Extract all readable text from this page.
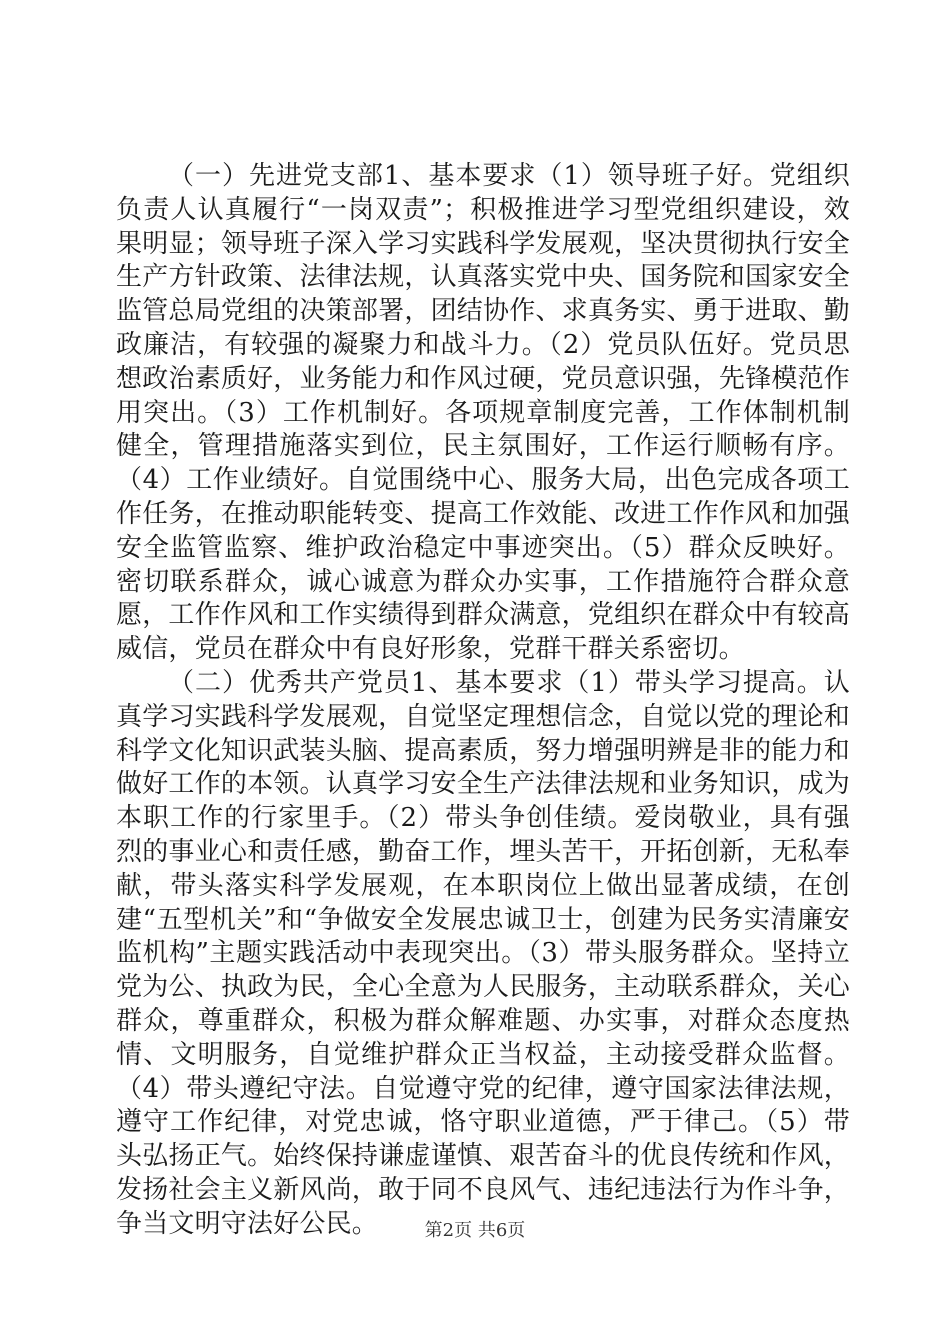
（一）先进党支部1、基本要求（1）领导班子好。党组织负责人认真履行“一岗双责”；积极推进学习型党组织建设，效果明显；领导班子深入学习实践科学发展观，坚决贯彻执行安全生产方针政策、法律法规，认真落实党中央、国务院和国家安全监管总局党组的决策部署，团结协作、求真务实、勇于进取、勤政廉洁，有较强的凝聚力和战斗力。（2）党员队伍好。党员思想政治素质好，业务能力和作风过硬，党员意识强，先锋模范作用突出。（3）工作机制好。各项规章制度完善，工作体制机制健全，管理措施落实到位，民主氛围好，工作运行顺畅有序。（4）工作业绩好。自觉围绕中心、服务大局，出色完成各项工作任务，在推动职能转变、提高工作效能、改进工作作风和加强安全监管监察、维护政治稳定中事迹突出。（5）群众反映好。密切联系群众，诚心诚意为群众办实事，工作措施符合群众意愿，工作作风和工作实绩得到群众满意，党组织在群众中有较高威信，党员在群众中有良好形象，党群干群关系密切。

（二）优秀共产党员1、基本要求（1）带头学习提高。认真学习实践科学发展观，自觉坚定理想信念，自觉以党的理论和科学文化知识武装头脑、提高素质，努力增强明辨是非的能力和做好工作的本领。认真学习安全生产法律法规和业务知识，成为本职工作的行家里手。（2）带头争创佳绩。爱岗敬业，具有强烈的事业心和责任感，勤奋工作，埋头苦干，开拓创新，无私奉献，带头落实科学发展观，在本职岗位上做出显著成绩，在创建“五型机关”和“争做安全发展忠诚卫士，创建为民务实清廉安监机构”主题实践活动中表现突出。（3）带头服务群众。坚持立党为公、执政为民，全心全意为人民服务，主动联系群众，关心群众，尊重群众，积极为群众解难题、办实事，对群众态度热情、文明服务，自觉维护群众正当权益，主动接受群众监督。（4）带头遵纪守法。自觉遵守党的纪律，遵守国家法律法规，遵守工作纪律，对党忠诚，恪守职业道德，严于律己。（5）带头弘扬正气。始终保持谦虚谨慎、艰苦奋斗的优良传统和作风，发扬社会主义新风尚，敢于同不良风气、违纪违法行为作斗争，争当文明守法好公民。	第2页 共6页
